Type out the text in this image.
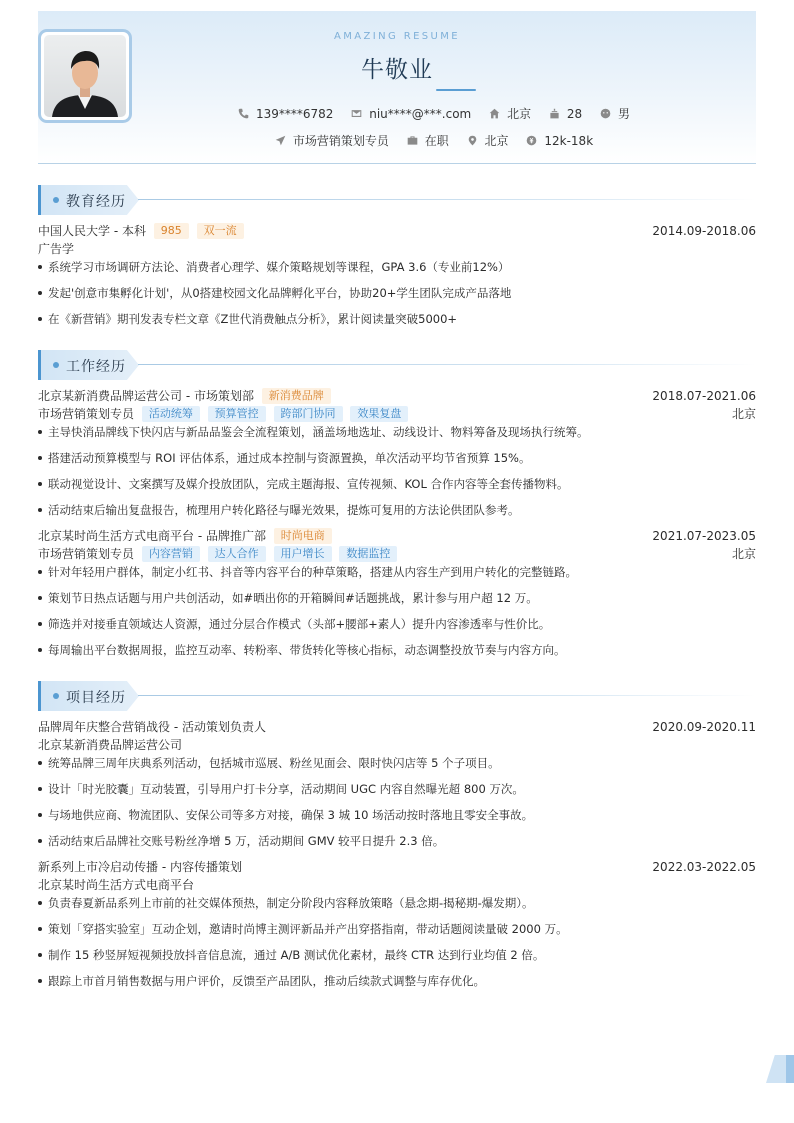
AMAZING RESUME
牛敬业
139****6782
	niu****@***.com
	北京
	28
	男
市场营销策划专员
	在职
	北京
	12k-18k
教育经历
中国人民大学 - 本科 985 双一流	2014.09-2018.06
广告学
系统学习市场调研方法论、消费者心理学、媒介策略规划等课程，GPA 3.6（专业前12%）
发起'创意市集孵化计划'，从0搭建校园文化品牌孵化平台，协助20+学生团队完成产品落地
在《新营销》期刊发表专栏文章《Z世代消费触点分析》，累计阅读量突破5000+
工作经历
北京某新消费品牌运营公司 - 市场策划部 新消费品牌	2018.07-2021.06
市场营销策划专员 活动统筹 预算管控 跨部门协同 效果复盘	北京
主导快消品牌线下快闪店与新品品鉴会全流程策划，涵盖场地选址、动线设计、物料筹备及现场执行统筹。
搭建活动预算模型与 ROI 评估体系，通过成本控制与资源置换，单次活动平均节省预算 15%。
联动视觉设计、文案撰写及媒介投放团队，完成主题海报、宣传视频、KOL 合作内容等全套传播物料。
活动结束后输出复盘报告，梳理用户转化路径与曝光效果，提炼可复用的方法论供团队参考。
北京某时尚生活方式电商平台 - 品牌推广部 时尚电商	2021.07-2023.05
市场营销策划专员 内容营销 达人合作 用户增长 数据监控	北京
针对年轻用户群体，制定小红书、抖音等内容平台的种草策略，搭建从内容生产到用户转化的完整链路。
策划节日热点话题与用户共创活动，如#晒出你的开箱瞬间#话题挑战，累计参与用户超 12 万。
筛选并对接垂直领域达人资源，通过分层合作模式（头部+腰部+素人）提升内容渗透率与性价比。
每周输出平台数据周报，监控互动率、转粉率、带货转化等核心指标，动态调整投放节奏与内容方向。
项目经历
品牌周年庆整合营销战役 - 活动策划负责人	2020.09-2020.11
北京某新消费品牌运营公司
统筹品牌三周年庆典系列活动，包括城市巡展、粉丝见面会、限时快闪店等 5 个子项目。
设计「时光胶囊」互动装置，引导用户打卡分享，活动期间 UGC 内容自然曝光超 800 万次。
与场地供应商、物流团队、安保公司等多方对接，确保 3 城 10 场活动按时落地且零安全事故。
活动结束后品牌社交账号粉丝净增 5 万，活动期间 GMV 较平日提升 2.3 倍。
新系列上市冷启动传播 - 内容传播策划	2022.03-2022.05
北京某时尚生活方式电商平台
负责春夏新品系列上市前的社交媒体预热，制定分阶段内容释放策略（悬念期-揭秘期-爆发期）。
策划「穿搭实验室」互动企划，邀请时尚博主测评新品并产出穿搭指南，带动话题阅读量破 2000 万。
制作 15 秒竖屏短视频投放抖音信息流，通过 A/B 测试优化素材，最终 CTR 达到行业均值 2 倍。
跟踪上市首月销售数据与用户评价，反馈至产品团队，推动后续款式调整与库存优化。
